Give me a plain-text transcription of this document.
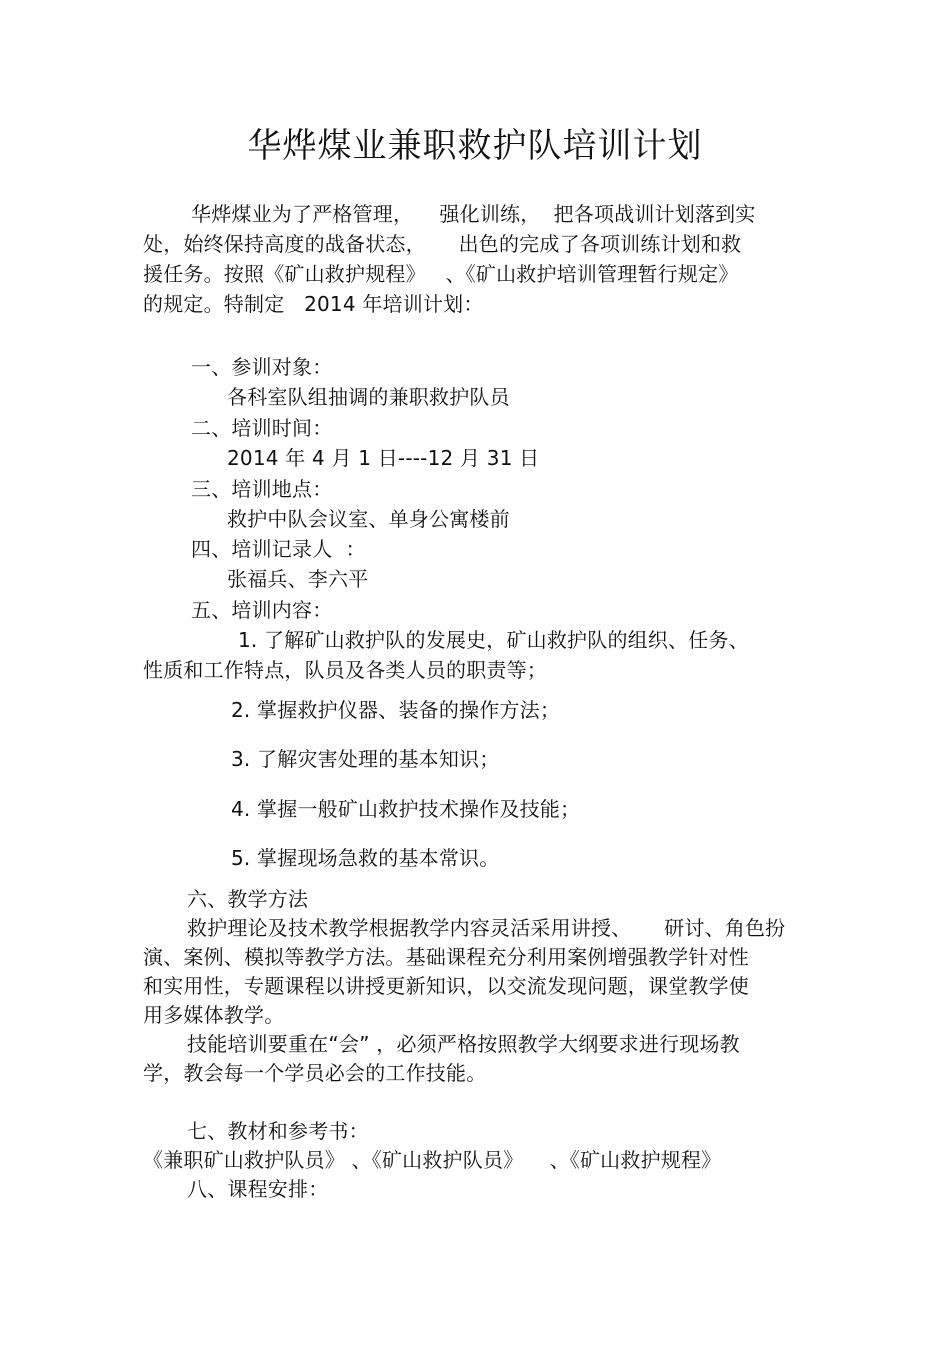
华烨煤业兼职救护队培训计划
华烨煤业为了严格管理，    强化训练，  把各项战训计划落到实
处，始终保持高度的战备状态，     出色的完成了各项训练计划和救
援任务。按照《矿山救护规程》   、《矿山救护培训管理暂行规定》
的规定。特制定   2014 年培训计划：
一、参训对象：
各科室队组抽调的兼职救护队员
二、培训时间：
2014 年 4 月 1 日----12 月 31 日
三、培训地点：
救护中队会议室、单身公寓楼前
四、培训记录人  ：
张福兵、李六平
五、培训内容：
1. 了解矿山救护队的发展史，矿山救护队的组织、任务、
性质和工作特点，队员及各类人员的职责等；
2. 掌握救护仪器、装备的操作方法；
3. 了解灾害处理的基本知识；
4. 掌握一般矿山救护技术操作及技能；
5. 掌握现场急救的基本常识。
六、教学方法
救护理论及技术教学根据教学内容灵活采用讲授、     研讨、角色扮
演、案例、模拟等教学方法。基础课程充分利用案例增强教学针对性
和实用性，专题课程以讲授更新知识，以交流发现问题，课堂教学使
用多媒体教学。
技能培训要重在“会” ，必须严格按照教学大纲要求进行现场教
学，教会每一个学员必会的工作技能。
七、教材和参考书：
《兼职矿山救护队员》 、《矿山救护队员》    、《矿山救护规程》
八、课程安排：
